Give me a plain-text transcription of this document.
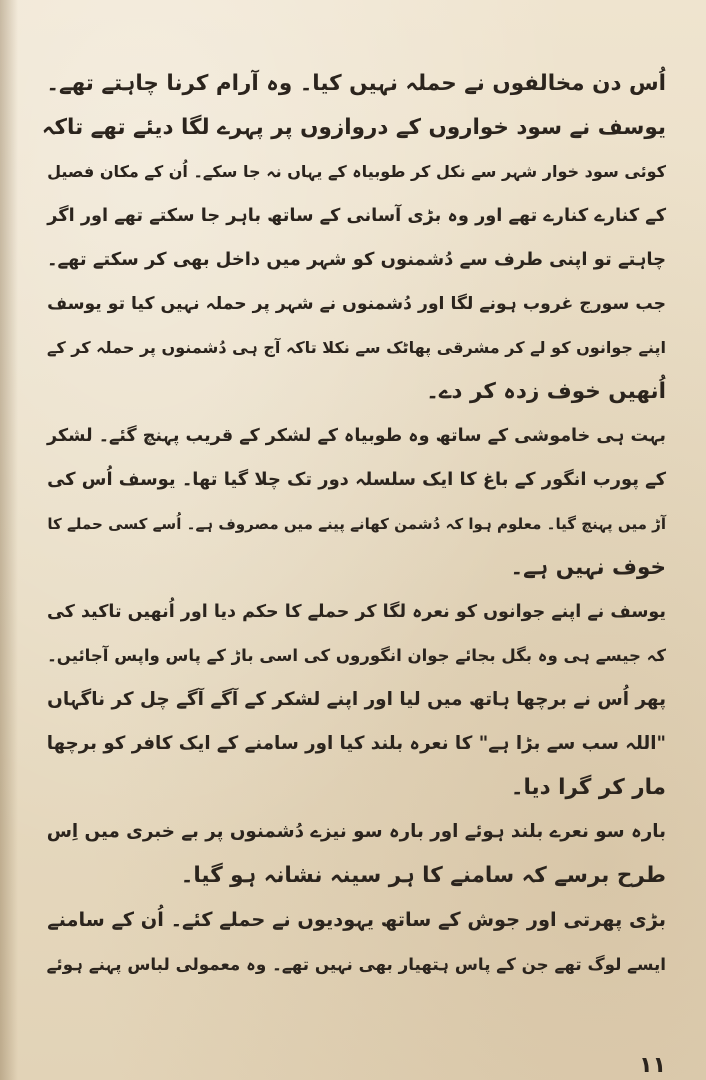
اُس دن مخالفوں نے حملہ نہیں کیا۔ وہ آرام کرنا چاہتے تھے۔
یوسف نے سود خواروں کے دروازوں پر پہرے لگا دیئے تھے تاکہ
کوئی سود خوار شہر سے نکل کر طوبیاہ کے یہاں نہ جا سکے۔ اُن کے مکان فصیل
کے کنارے کنارے تھے اور وہ بڑی آسانی کے ساتھ باہر جا سکتے تھے اور اگر
چاہتے تو اپنی طرف سے دُشمنوں کو شہر میں داخل بھی کر سکتے تھے۔
جب سورج غروب ہونے لگا اور دُشمنوں نے شہر پر حملہ نہیں کیا تو یوسف
اپنے جوانوں کو لے کر مشرقی پھاٹک سے نکلا تاکہ آج ہی دُشمنوں پر حملہ کر کے
اُنھیں خوف زدہ کر دے۔
بہت ہی خاموشی کے ساتھ وہ طوبیاہ کے لشکر کے قریب پہنچ گئے۔ لشکر
کے پورب انگور کے باغ کا ایک سلسلہ دور تک چلا گیا تھا۔ یوسف اُس کی
آڑ میں پہنچ گیا۔ معلوم ہوا کہ دُشمن کھانے پینے میں مصروف ہے۔ اُسے کسی حملے کا
خوف نہیں ہے۔
یوسف نے اپنے جوانوں کو نعرہ لگا کر حملے کا حکم دیا اور اُنھیں تاکید کی
کہ جیسے ہی وہ بگل بجائے جوان انگوروں کی اسی باڑ کے پاس واپس آجائیں۔
پھر اُس نے برچھا ہاتھ میں لیا اور اپنے لشکر کے آگے آگے چل کر ناگہاں
"اللہ سب سے بڑا ہے" کا نعرہ بلند کیا اور سامنے کے ایک کافر کو برچھا
مار کر گرا دیا۔
بارہ سو نعرے بلند ہوئے اور بارہ سو نیزے دُشمنوں پر بے خبری میں اِس
طرح برسے کہ سامنے کا ہر سینہ نشانہ ہو گیا۔
بڑی پھرتی اور جوش کے ساتھ یہودیوں نے حملے کئے۔ اُن کے سامنے
ایسے لوگ تھے جن کے پاس ہتھیار بھی نہیں تھے۔ وہ معمولی لباس پہنے ہوئے
۱۱
